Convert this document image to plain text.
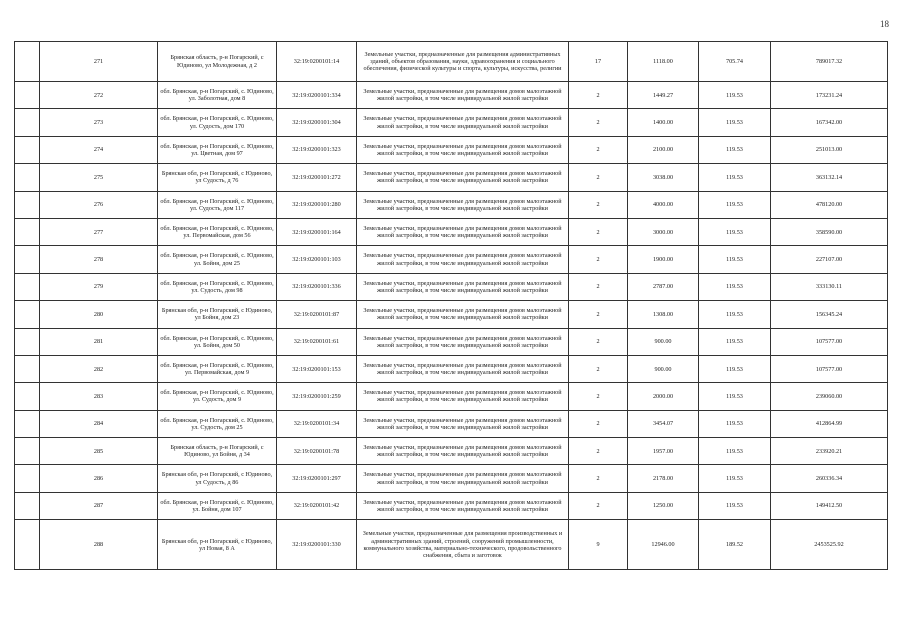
18
	271	Брянская область, р-н Погарский, с Юдиново, ул Молодежная, д 2	32:19:0200101:14	Земельные участки, предназначенные для размещения административных зданий, объектов образования, науки, здравоохранения и социального обеспечения, физической культуры и спорта, культуры, искусства, религии	17	1118.00	705.74	789017.32
	272	обл. Брянская, р-н Погарский, с. Юдиново, ул. Заболотная, дом 8	32:19:0200101:334	Земельные участки, предназначенные для размещения домов малоэтажной жилой застройки, в том числе индивидуальной жилой застройки	2	1449.27	119.53	173231.24
	273	обл. Брянская, р-н Погарский, с. Юдиново, ул. Судость, дом 170	32:19:0200101:304	Земельные участки, предназначенные для размещения домов малоэтажной жилой застройки, в том числе индивидуальной жилой застройки	2	1400.00	119.53	167342.00
	274	обл. Брянская, р-н Погарский, с. Юдиново, ул. Цветная, дом 97	32:19:0200101:323	Земельные участки, предназначенные для размещения домов малоэтажной жилой застройки, в том числе индивидуальной жилой застройки	2	2100.00	119.53	251013.00
	275	Брянская обл, р-н Погарский, с Юдиново, ул Судость, д 76	32:19:0200101:272	Земельные участки, предназначенные для размещения домов малоэтажной жилой застройки, в том числе индивидуальной жилой застройки	2	3038.00	119.53	363132.14
	276	обл. Брянская, р-н Погарский, с. Юдиново, ул. Судость, дом 117	32:19:0200101:280	Земельные участки, предназначенные для размещения домов малоэтажной жилой застройки, в том числе индивидуальной жилой застройки	2	4000.00	119.53	478120.00
	277	обл. Брянская, р-н Погарский, с. Юдиново, ул. Первомайская, дом 56	32:19:0200101:164	Земельные участки, предназначенные для размещения домов малоэтажной жилой застройки, в том числе индивидуальной жилой застройки	2	3000.00	119.53	358590.00
	278	обл. Брянская, р-н Погарский, с. Юдиново, ул. Бойня, дом 25	32:19:0200101:103	Земельные участки, предназначенные для размещения домов малоэтажной жилой застройки, в том числе индивидуальной жилой застройки	2	1900.00	119.53	227107.00
	279	обл. Брянская, р-н Погарский, с. Юдиново, ул. Судость, дом 98	32:19:0200101:336	Земельные участки, предназначенные для размещения домов малоэтажной жилой застройки, в том числе индивидуальной жилой застройки	2	2787.00	119.53	333130.11
	280	Брянская обл, р-н Погарский, с Юдиново, ул Бойня, дом 23	32:19:0200101:87	Земельные участки, предназначенные для размещения домов малоэтажной жилой застройки, в том числе индивидуальной жилой застройки	2	1308.00	119.53	156345.24
	281	обл. Брянская, р-н Погарский, с. Юдиново, ул. Бойня, дом 50	32:19:0200101:61	Земельные участки, предназначенные для размещения домов малоэтажной жилой застройки, в том числе индивидуальной жилой застройки	2	900.00	119.53	107577.00
	282	обл. Брянская, р-н Погарский, с. Юдиново, ул. Первомайская, дом 9	32:19:0200101:153	Земельные участки, предназначенные для размещения домов малоэтажной жилой застройки, в том числе индивидуальной жилой застройки	2	900.00	119.53	107577.00
	283	обл. Брянская, р-н Погарский, с. Юдиново, ул. Судость, дом 9	32:19:0200101:259	Земельные участки, предназначенные для размещения домов малоэтажной жилой застройки, в том числе индивидуальной жилой застройки	2	2000.00	119.53	239060.00
	284	обл. Брянская, р-н Погарский, с. Юдиново, ул. Судость, дом 25	32:19:0200101:34	Земельные участки, предназначенные для размещения домов малоэтажной жилой застройки, в том числе индивидуальной жилой застройки	2	3454.07	119.53	412864.99
	285	Брянская область, р-н Погарский, с Юдиново, ул Бойня, д 34	32:19:0200101:78	Земельные участки, предназначенные для размещения домов малоэтажной жилой застройки, в том числе индивидуальной жилой застройки	2	1957.00	119.53	233920.21
	286	Брянская обл, р-н Погарский, с Юдиново, ул Судость, д 86	32:19:0200101:297	Земельные участки, предназначенные для размещения домов малоэтажной жилой застройки, в том числе индивидуальной жилой застройки	2	2178.00	119.53	260336.34
	287	обл. Брянская, р-н Погарский, с. Юдиново, ул. Бойня, дом 107	32:19:0200101:42	Земельные участки, предназначенные для размещения домов малоэтажной жилой застройки, в том числе индивидуальной жилой застройки	2	1250.00	119.53	149412.50
	288	Брянская обл, р-н Погарский, с Юдиново, ул Новая, 8 А	32:19:0200101:330	Земельные участки, предназначенные для размещения производственных и административных зданий, строений, сооружений промышленности, коммунального хозяйства, материально-технического, продовольственного снабжения, сбыта и заготовок	9	12946.00	189.52	2453525.92
